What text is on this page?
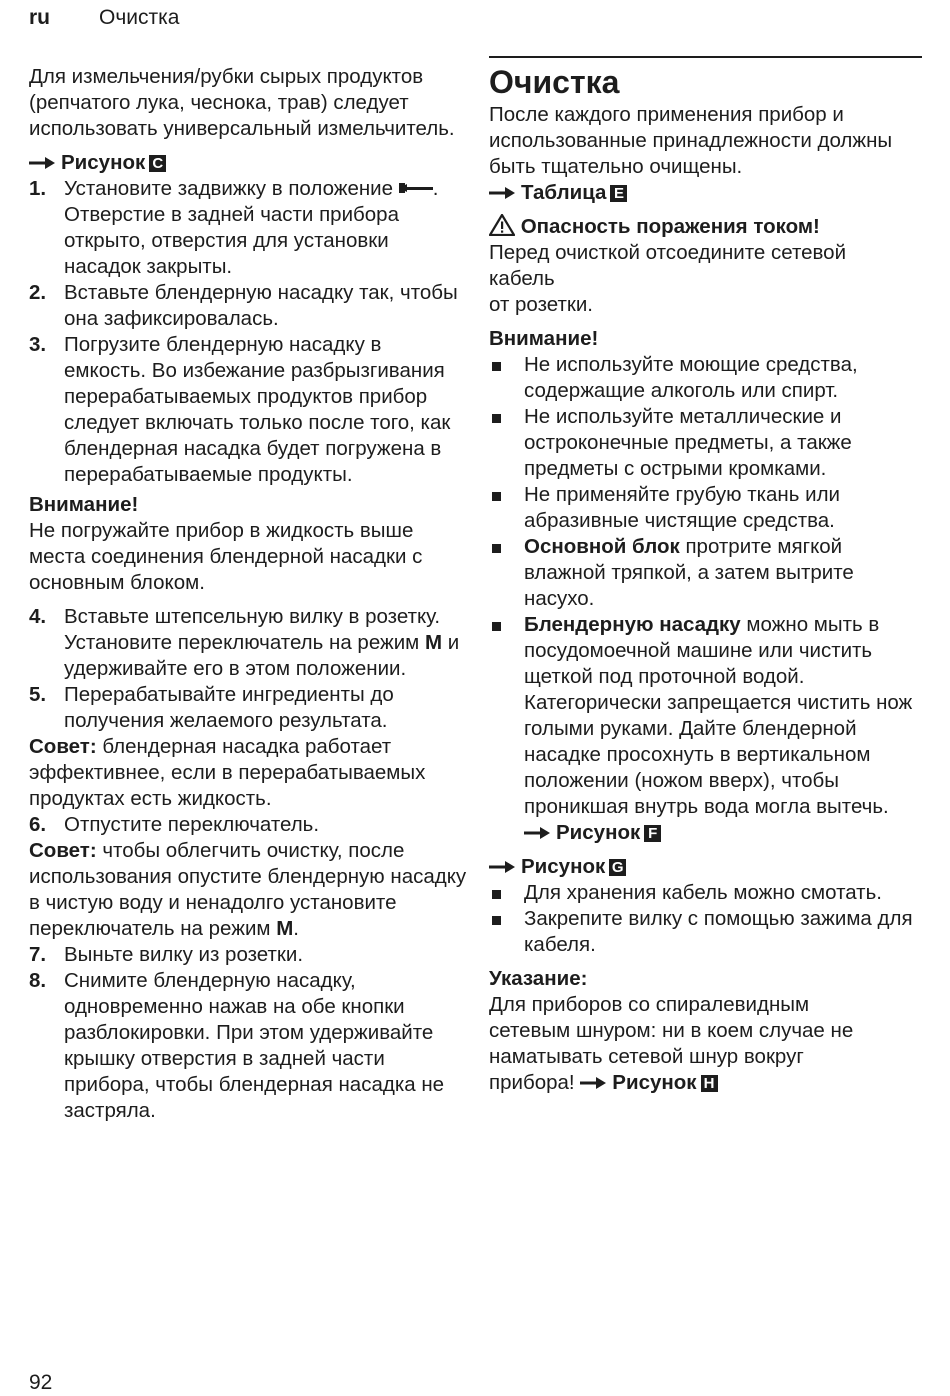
ru Очистка

Для измельчения/рубки сырых продуктов (репчатого лука, чеснока, трав) следует использовать универсальный измельчитель.

Рисунок C
1. Установите задвижку в положение . Отверстие в задней части прибора открыто, отверстия для установки насадок закрыты.
2. Вставьте блендерную насадку так, чтобы она зафиксировалась.
3. Погрузите блендерную насадку в емкость. Во избежание разбрызгивания перерабатываемых продуктов прибор следует включать только после того, как блендерная насадка будет погружена в перерабатываемые продукты.

Внимание!

Не погружайте прибор в жидкость выше места соединения блендерной насадки с основным блоком.

4. Вставьте штепсельную вилку в розетку. Установите переключатель на режим M и удерживайте его в этом положении.
5. Перерабатывайте ингредиенты до получения желаемого результата.

Совет: блендерная насадка работает эффективнее, если в перерабатываемых продуктах есть жидкость.

6. Отпустите переключатель.

Совет: чтобы облегчить очистку, после использования опустите блендерную насадку в чистую воду и ненадолго установите переключатель на режим M.

7. Выньте вилку из розетки.
8. Снимите блендерную насадку, одновременно нажав на обе кнопки разблокировки. При этом удерживайте крышку отверстия в задней части прибора, чтобы блендерная насадка не застряла.
Очистка

После каждого применения прибор и использованные принадлежности должны быть тщательно очищены.

Таблица E

Опасность поражения током!

Перед очисткой отсоедините сетевой кабель

от розетки.

Внимание!

Не используйте моющие средства, содержащие алкоголь или спирт.
Не используйте металлические и остроконечные предметы, а также предметы с острыми кромками.
Не применяйте грубую ткань или абразивные чистящие средства.
Основной блок протрите мягкой влажной тряпкой, а затем вытрите насухо.
Блендерную насадку можно мыть в посудомоечной машине или чистить щеткой под проточной водой. Категорически запрещается чистить нож голыми руками. Дайте блендерной насадке просохнуть в вертикальном положении (ножом вверх), чтобы проникшая внутрь вода могла вытечь.
Рисунок F
Рисунок G
Для хранения кабель можно смотать.
Закрепите вилку с помощью зажима для кабеля.

Указание:

Для приборов со спиралевидным сетевым шнуром: ни в коем случае не наматывать сетевой шнур вокруг прибора! Рисунок H

92
